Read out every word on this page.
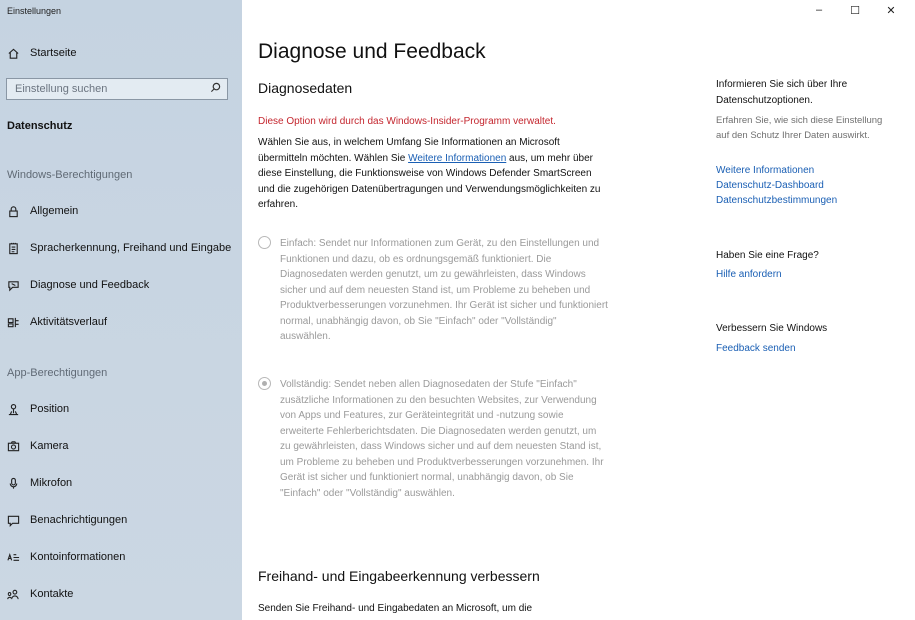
Einstellungen
Startseite
Einstellung suchen
Datenschutz
Windows-Berechtigungen
Allgemein
Spracherkennung, Freihand und Eingabe
Diagnose und Feedback
Aktivitätsverlauf
App-Berechtigungen
Position
Kamera
Mikrofon
Benachrichtigungen
Kontoinformationen
Kontakte
–	☐	✕
Diagnose und Feedback
Diagnosedaten
Diese Option wird durch das Windows-Insider-Programm verwaltet.
Wählen Sie aus, in welchem Umfang Sie Informationen an Microsoft übermitteln möchten. Wählen Sie Weitere Informationen aus, um mehr über diese Einstellung, die Funktionsweise von Windows Defender SmartScreen und die zugehörigen Datenübertragungen und Verwendungsmöglichkeiten zu erfahren.
Einfach: Sendet nur Informationen zum Gerät, zu den Einstellungen und Funktionen und dazu, ob es ordnungsgemäß funktioniert. Die Diagnosedaten werden genutzt, um zu gewährleisten, dass Windows sicher und auf dem neuesten Stand ist, um Probleme zu beheben und Produktverbesserungen vorzunehmen. Ihr Gerät ist sicher und funktioniert normal, unabhängig davon, ob Sie "Einfach" oder "Vollständig" auswählen.
Vollständig: Sendet neben allen Diagnosedaten der Stufe "Einfach" zusätzliche Informationen zu den besuchten Websites, zur Verwendung von Apps und Features, zur Geräteintegrität und -nutzung sowie erweiterte Fehlerberichtsdaten. Die Diagnosedaten werden genutzt, um zu gewährleisten, dass Windows sicher und auf dem neuesten Stand ist, um Probleme zu beheben und Produktverbesserungen vorzunehmen. Ihr Gerät ist sicher und funktioniert normal, unabhängig davon, ob Sie "Einfach" oder "Vollständig" auswählen.
Freihand- und Eingabeerkennung verbessern
Senden Sie Freihand- und Eingabedaten an Microsoft, um die
Informieren Sie sich über Ihre Datenschutzoptionen.
Erfahren Sie, wie sich diese Einstellung auf den Schutz Ihrer Daten auswirkt.
Weitere Informationen
Datenschutz-Dashboard
Datenschutzbestimmungen
Haben Sie eine Frage?
Hilfe anfordern
Verbessern Sie Windows
Feedback senden
